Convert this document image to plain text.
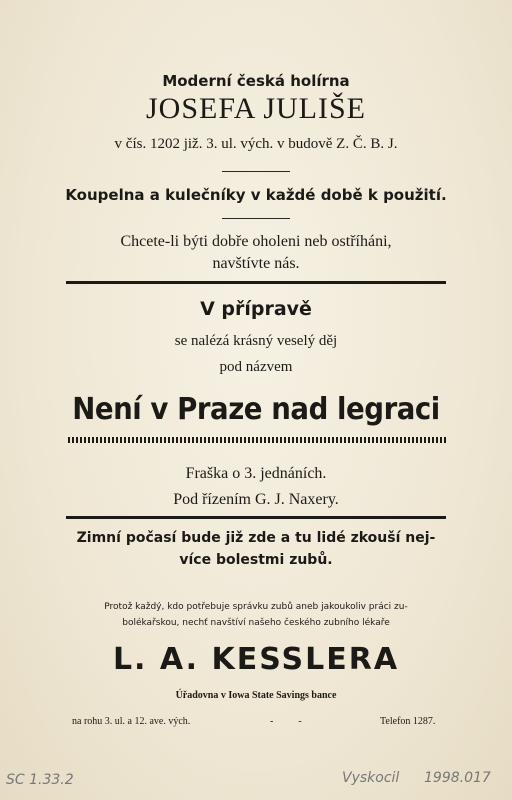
Moderní česká holírna
JOSEFA JULIŠE
v čís. 1202 již. 3. ul. vých. v budově Z. Č. B. J.
Koupelna a kulečníky v každé době k použití.
Chcete-li býti dobře oholeni neb ostříháni,
navštívte nás.
V přípravě
se nalézá krásný veselý děj
pod názvem
Není v Praze nad legraci
Fraška o 3. jednáních.
Pod řízením G. J. Naxery.
Zimní počasí bude již zde a tu lidé zkouší nej-
více bolestmi zubů.
Protož každý, kdo potřebuje správku zubů aneb jakoukoliv práci zu-
bolékařskou, nechť navštíví našeho českého zubního lékaře
L. A. KESSLERA
Úřadovna v Iowa State Savings bance
na rohu 3. ul. a 12. ave. vých.	-          -	Telefon 1287.
SC 1.33.2	Vyskocil 1998.017
